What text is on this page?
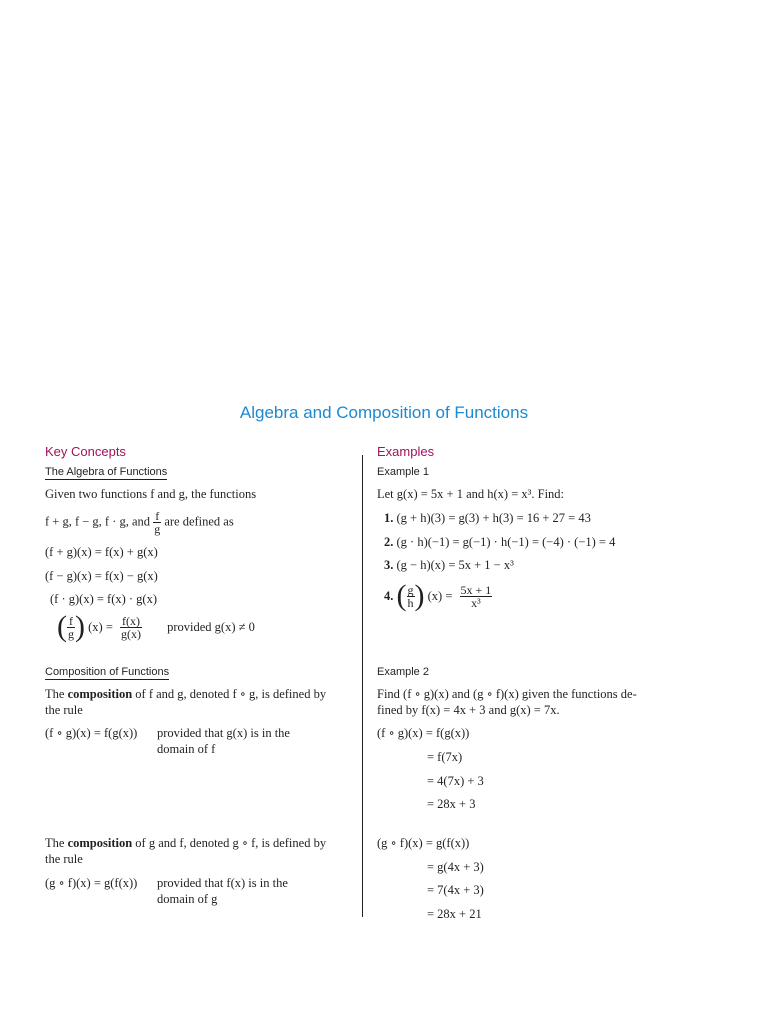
Algebra and Composition of Functions
Key Concepts
The Algebra of Functions
Given two functions f and g, the functions
f + g, f − g, f · g, and $\frac{f}{g}$ are defined as
(f + g)(x) = f(x) + g(x)
(f − g)(x) = f(x) − g(x)
(f · g)(x) = f(x) · g(x)
( $\frac{f}{g}$ ) $(x) = \frac{f(x)}{g(x)}$ provided g(x) ≠ 0
Composition of Functions
The composition of f and g, denoted f ∘ g, is defined by
the rule
(f ∘ g)(x) = f(g(x)) provided that g(x) is in the
domain of f
The composition of g and f, denoted g ∘ f, is defined by
the rule
(g ∘ f)(x) = g(f(x)) provided that f(x) is in the
domain of g
Examples
Example 1
Let g(x) = 5x + 1 and h(x) = x³. Find:
1. (g + h)(3) = g(3) + h(3) = 16 + 27 = 43
2. (g · h)(−1) = g(−1) · h(−1) = (−4) · (−1) = 4
3. (g − h)(x) = 5x + 1 − x³
4. ( $\frac{g}{h}$ ) $(x) = \frac{5x + 1}{\text{x³}}$
Example 2
Find (f ∘ g)(x) and (g ∘ f)(x) given the functions de-
fined by f(x) = 4x + 3 and g(x) = 7x.
(f ∘ g)(x) = f(g(x))
= f(7x)
= 4(7x) + 3
= 28x + 3
(g ∘ f)(x) = g(f(x))
= g(4x + 3)
= 7(4x + 3)
= 28x + 21
